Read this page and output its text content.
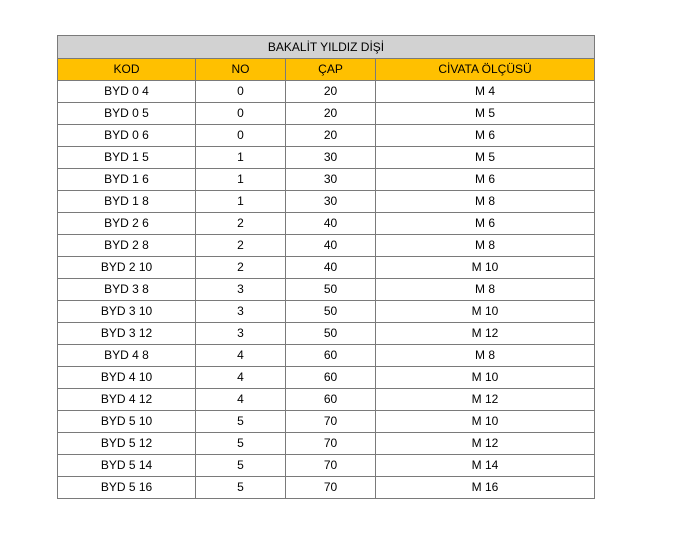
BAKALİT YILDIZ DİŞİ			
KOD	NO	ÇAP	CİVATA ÖLÇÜSÜ
BYD 0 4	0	20	M 4
BYD 0 5	0	20	M 5
BYD 0 6	0	20	M 6
BYD 1 5	1	30	M 5
BYD 1 6	1	30	M 6
BYD 1 8	1	30	M 8
BYD 2 6	2	40	M 6
BYD 2 8	2	40	M 8
BYD 2 10	2	40	M 10
BYD 3 8	3	50	M 8
BYD 3 10	3	50	M 10
BYD 3 12	3	50	M 12
BYD 4 8	4	60	M 8
BYD 4 10	4	60	M 10
BYD 4 12	4	60	M 12
BYD 5 10	5	70	M 10
BYD 5 12	5	70	M 12
BYD 5 14	5	70	M 14
BYD 5 16	5	70	M 16
